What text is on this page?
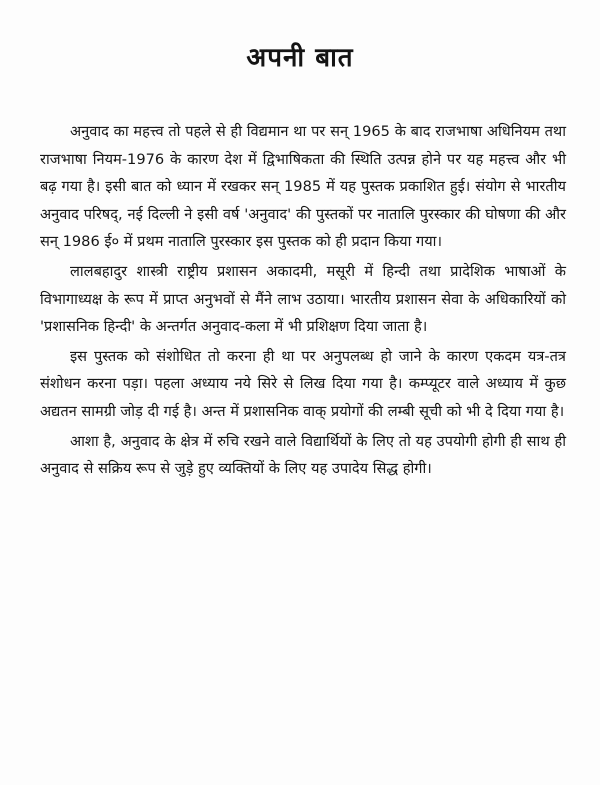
अपनी बात

अनुवाद का महत्त्व तो पहले से ही विद्यमान था पर सन् 1965 के बाद राजभाषा अधिनियम तथा राजभाषा नियम-1976 के कारण देश में द्विभाषिकता की स्थिति उत्पन्न होने पर यह महत्त्व और भी बढ़ गया है। इसी बात को ध्यान में रखकर सन् 1985 में यह पुस्तक प्रकाशित हुई। संयोग से भारतीय अनुवाद परिषद्, नई दिल्ली ने इसी वर्ष 'अनुवाद' की पुस्तकों पर नातालि पुरस्कार की घोषणा की और सन् 1986 ई० में प्रथम नातालि पुरस्कार इस पुस्तक को ही प्रदान किया गया।

लालबहादुर शास्त्री राष्ट्रीय प्रशासन अकादमी, मसूरी में हिन्दी तथा प्रादेशिक भाषाओं के विभागाध्यक्ष के रूप में प्राप्त अनुभवों से मैंने लाभ उठाया। भारतीय प्रशासन सेवा के अधिकारियों को 'प्रशासनिक हिन्दी' के अन्तर्गत अनुवाद-कला में भी प्रशिक्षण दिया जाता है।

इस पुस्तक को संशोधित तो करना ही था पर अनुपलब्ध हो जाने के कारण एकदम यत्र-तत्र संशोधन करना पड़ा। पहला अध्याय नये सिरे से लिख दिया गया है। कम्प्यूटर वाले अध्याय में कुछ अद्यतन सामग्री जोड़ दी गई है। अन्त में प्रशासनिक वाक् प्रयोगों की लम्बी सूची को भी दे दिया गया है।

आशा है, अनुवाद के क्षेत्र में रुचि रखने वाले विद्यार्थियों के लिए तो यह उपयोगी होगी ही साथ ही अनुवाद से सक्रिय रूप से जुड़े हुए व्यक्तियों के लिए यह उपादेय सिद्ध होगी।
